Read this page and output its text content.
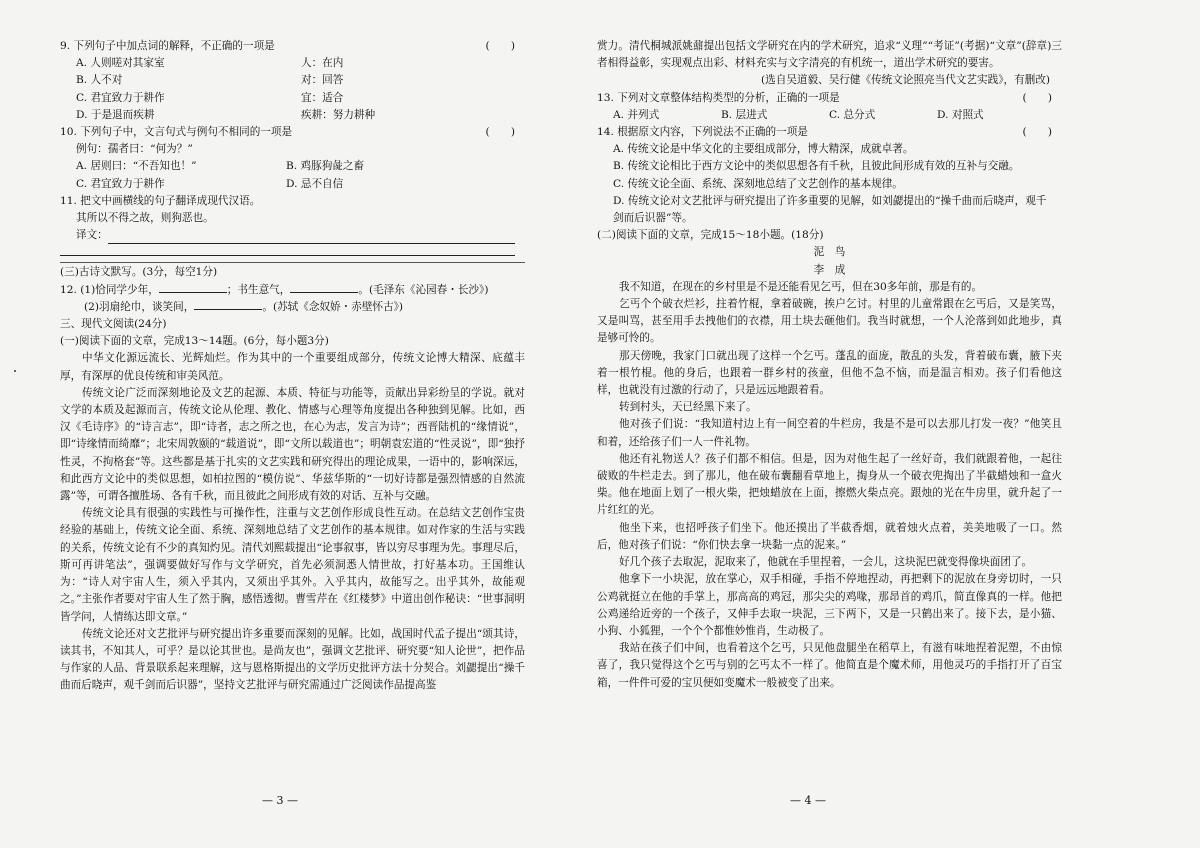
9. 下列句子中加点词的解释，不正确的一项是	(　　)
A. 人则嗟对其家室	人：在内
B. 人不对	对：回答
C. 君宜致力于耕作	宜：适合
D. 于是退而疾耕	疾耕：努力耕种
10. 下列句子中，文言句式与例句不相同的一项是	(　　)
例句：孺者曰：“何为？”
A. 居则曰：“不吾知也！”	B. 鸡豚狗彘之畜
C. 君宜致力于耕作	D. 忌不自信
11. 把文中画横线的句子翻译成现代汉语。
其所以不得之故，则狗恶也。
译文：
(三)古诗文默写。(3分，每空1分)
12. (1)恰同学少年，	；书生意气，	。(毛泽东《沁园春・长沙》)
(2)羽扇纶巾，谈笑间，	。(苏轼《念奴娇・赤壁怀古》)
三、现代文阅读(24分)
(一)阅读下面的文章，完成13～14题。(6分，每小题3分)
中华文化源远流长、光辉灿烂。作为其中的一个重要组成部分，传统文论博大精深、底蕴丰厚，有深厚的优良传统和审美风范。
传统文论广泛而深刻地论及文艺的起源、本质、特征与功能等，贡献出异彩纷呈的学说。就对文学的本质及起源而言，传统文论从伦理、教化、情感与心理等角度提出各种独到见解。比如，西汉《毛诗序》的“诗言志”，即“诗者，志之所之也，在心为志，发言为诗”；西晋陆机的“缘情说”，即“诗缘情而绮靡”；北宋周敦颐的“载道说”，即“文所以载道也”；明朝袁宏道的“性灵说”，即“独抒性灵，不拘格套”等。这些都是基于扎实的文艺实践和研究得出的理论成果，一语中的，影响深远，和此西方文论中的类似思想，如柏拉图的“模仿说”、华兹华斯的“一切好诗都是强烈情感的自然流露”等，可谓各擅胜场、各有千秋，而且彼此之间形成有效的对话、互补与交融。
传统文论具有很强的实践性与可操作性，注重与文艺创作形成良性互动。在总结文艺创作宝贵经验的基础上，传统文论全面、系统、深刻地总结了文艺创作的基本规律。如对作家的生活与实践的关系，传统文论有不少的真知灼见。清代刘熙载提出“论事叙事，皆以穷尽事理为先。事理尽后，斯可再讲笔法”，强调要做好写作与文学研究，首先必须洞悉人情世故，打好基本功。王国维认为：“诗人对宇宙人生，须入乎其内，又须出乎其外。入乎其内，故能写之。出乎其外，故能观之。”主张作者要对宇宙人生了然于胸，感悟透彻。曹雪芹在《红楼梦》中道出创作秘诀：“世事洞明皆学问，人情练达即文章。”
传统文论还对文艺批评与研究提出许多重要而深刻的见解。比如，战国时代孟子提出“颂其诗，读其书，不知其人，可乎？是以论其世也。是尚友也”，强调文艺批评、研究要“知人论世”，把作品与作家的人品、背景联系起来理解，这与恩格斯提出的文学历史批评方法十分契合。刘勰提出“操千曲而后晓声，观千剑而后识器”，坚持文艺批评与研究需通过广泛阅读作品提高鉴
— 3 —
赏力。清代桐城派姚鼐提出包括文学研究在内的学术研究，追求“义理”“考证”(考据)“文章”(辞章)三者相得益彰，实现观点出彩、材料充实与文字清亮的有机统一，道出学术研究的要害。
(选自吴道毅、吴行健《传统文论照亮当代文艺实践》，有删改)
13. 下列对文章整体结构类型的分析，正确的一项是	(　　)
A. 并列式	B. 层进式	C. 总分式	D. 对照式
14. 根据原文内容，下列说法不正确的一项是	(　　)
A. 传统文论是中华文化的主要组成部分，博大精深，成就卓著。
B. 传统文论相比于西方文论中的类似思想各有千秋，且彼此间形成有效的互补与交融。
C. 传统文论全面、系统、深刻地总结了文艺创作的基本规律。
D. 传统文论对文艺批评与研究提出了许多重要的见解，如刘勰提出的“操千曲而后晓声，观千剑而后识器”等。
(二)阅读下面的文章，完成15～18小题。(18分)
泥　鸟
李　成
我不知道，在现在的乡村里是不是还能看见乞丐，但在30多年前，那是有的。
乞丐个个破衣烂衫，拄着竹棍，拿着破碗，挨户乞讨。村里的儿童常跟在乞丐后，又是笑骂，又是叫骂，甚至用手去拽他们的衣襟，用土块去砸他们。我当时就想，一个人沦落到如此地步，真是够可怜的。
那天傍晚，我家门口就出现了这样一个乞丐。蓬乱的面庞，散乱的头发，背着破布囊，腋下夹着一根竹棍。他的身后，也跟着一群乡村的孩童，但他不急不恼，而是温言相劝。孩子们看他这样，也就没有过激的行动了，只是远远地跟着看。
转到村头，天已经黑下来了。
他对孩子们说：“我知道村边上有一间空着的牛栏房，我是不是可以去那儿打发一夜？”他笑且和着，还给孩子们一人一件礼物。
他还有礼物送人？孩子们都不相信。但是，因为对他生起了一丝好奇，我们就跟着他，一起往破败的牛栏走去。到了那儿，他在破布囊翻看草地上，掏身从一个破衣兜掏出了半截蜡烛和一盒火柴。他在地面上划了一根火柴，把烛蜡放在上面，擦燃火柴点亮。跟烛的光在牛房里，就升起了一片红红的光。
他坐下来，也招呼孩子们坐下。他还摸出了半截香烟，就着烛火点着，美美地吸了一口。然后，他对孩子们说：“你们快去拿一块黏一点的泥来。”
好几个孩子去取泥，泥取来了，他就在手里捏着，一会儿，这块泥巴就变得像块面团了。
他拿下一小块泥，放在掌心，双手相碰，手指不停地捏动，再把剩下的泥放在身旁切时，一只公鸡就挺立在他的手掌上，那高高的鸡冠，那尖尖的鸡喙，那昂首的鸡爪，简直像真的一样。他把公鸡递给近旁的一个孩子，又伸手去取一块泥，三下两下，又是一只鹤出来了。接下去，是小猫、小狗、小狐狸，一个个个都惟妙惟肖，生动极了。
我站在孩子们中间，也看着这个乞丐，只见他盘腿坐在稻草上，有滋有味地捏着泥塑，不由惊喜了，我只觉得这个乞丐与别的乞丐太不一样了。他简直是个魔术师，用他灵巧的手指打开了百宝箱，一件件可爱的宝贝便如变魔术一般被变了出来。
— 4 —
